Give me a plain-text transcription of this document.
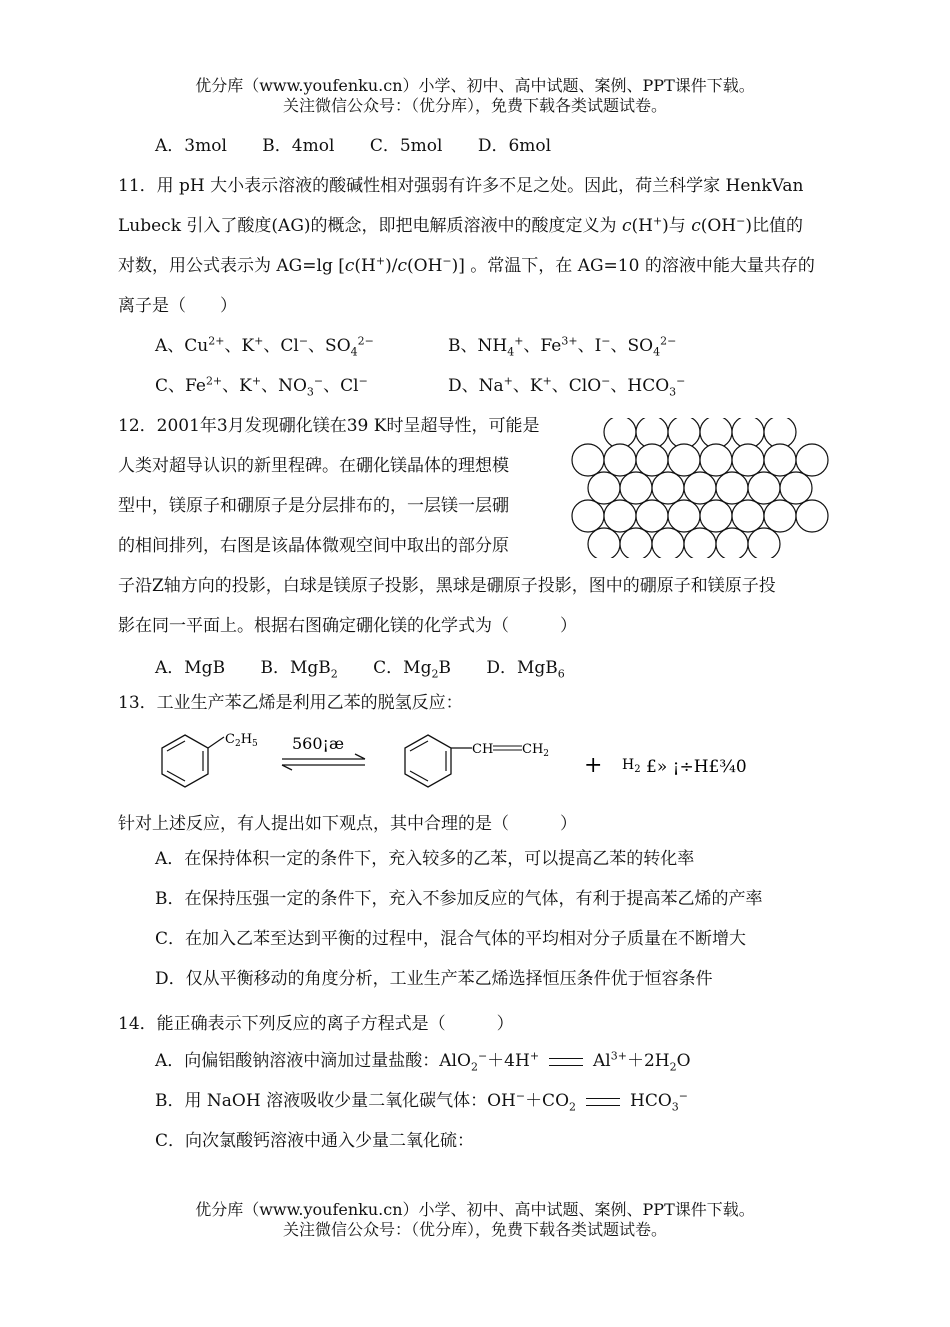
优分库（www.youfenku.cn）小学、初中、高中试题、案例、PPT课件下载。
关注微信公众号：（优分库），免费下载各类试题试卷。
A．3mol B．4mol C．5mol D．6mol
11．用 pH 大小表示溶液的酸碱性相对强弱有许多不足之处。因此，荷兰科学家 HenkVan
Lubeck 引入了酸度(AG)的概念，即把电解质溶液中的酸度定义为 c(H+)与 c(OH−)比值的
对数，用公式表示为 AG=lg [c(H+)/c(OH−)] 。常温下，在 AG=10 的溶液中能大量共存的
离子是（　　）
A、$Cu^{2+}$、K+、Cl−、$SO_4^{2-}$	B、$NH_4^+$、$Fe^{3+}$、I−、$SO_4^{2-}$
C、$Fe^{2+}$、K+、$NO_3^-$、Cl−	D、Na+、K+、ClO−、$HCO_3^-$
12．2001年3月发现硼化镁在39 K时呈超导性，可能是
人类对超导认识的新里程碑。在硼化镁晶体的理想模
型中，镁原子和硼原子是分层排布的，一层镁一层硼
的相间排列，右图是该晶体微观空间中取出的部分原
子沿Z轴方向的投影，白球是镁原子投影，黑球是硼原子投影，图中的硼原子和镁原子投
影在同一平面上。根据右图确定硼化镁的化学式为（　　　）
A．MgB B．MgB$_2$ C．$Mg_2B$ D．MgB$_6$
13．工业生产苯乙烯是利用乙苯的脱氢反应：
$C_2H_5$ 560¡æ	CH $CH_2 + H_2$ £» ¡÷H£¾0
针对上述反应，有人提出如下观点，其中合理的是（　　　）
A．在保持体积一定的条件下，充入较多的乙苯，可以提高乙苯的转化率
B．在保持压强一定的条件下，充入不参加反应的气体，有利于提高苯乙烯的产率
C．在加入乙苯至达到平衡的过程中，混合气体的平均相对分子质量在不断增大
D．仅从平衡移动的角度分析，工业生产苯乙烯选择恒压条件优于恒容条件
14．能正确表示下列反应的离子方程式是（　　　）
A．向偏铝酸钠溶液中滴加过量盐酸：AlO$_2$−＋4H+	$Al^{3+}+2H_2O$
B．用 NaOH 溶液吸收少量二氧化碳气体：$OH^-+CO_2$	$HCO_3^-$
C．向次氯酸钙溶液中通入少量二氧化硫：
优分库（www.youfenku.cn）小学、初中、高中试题、案例、PPT课件下载。
关注微信公众号：（优分库），免费下载各类试题试卷。
